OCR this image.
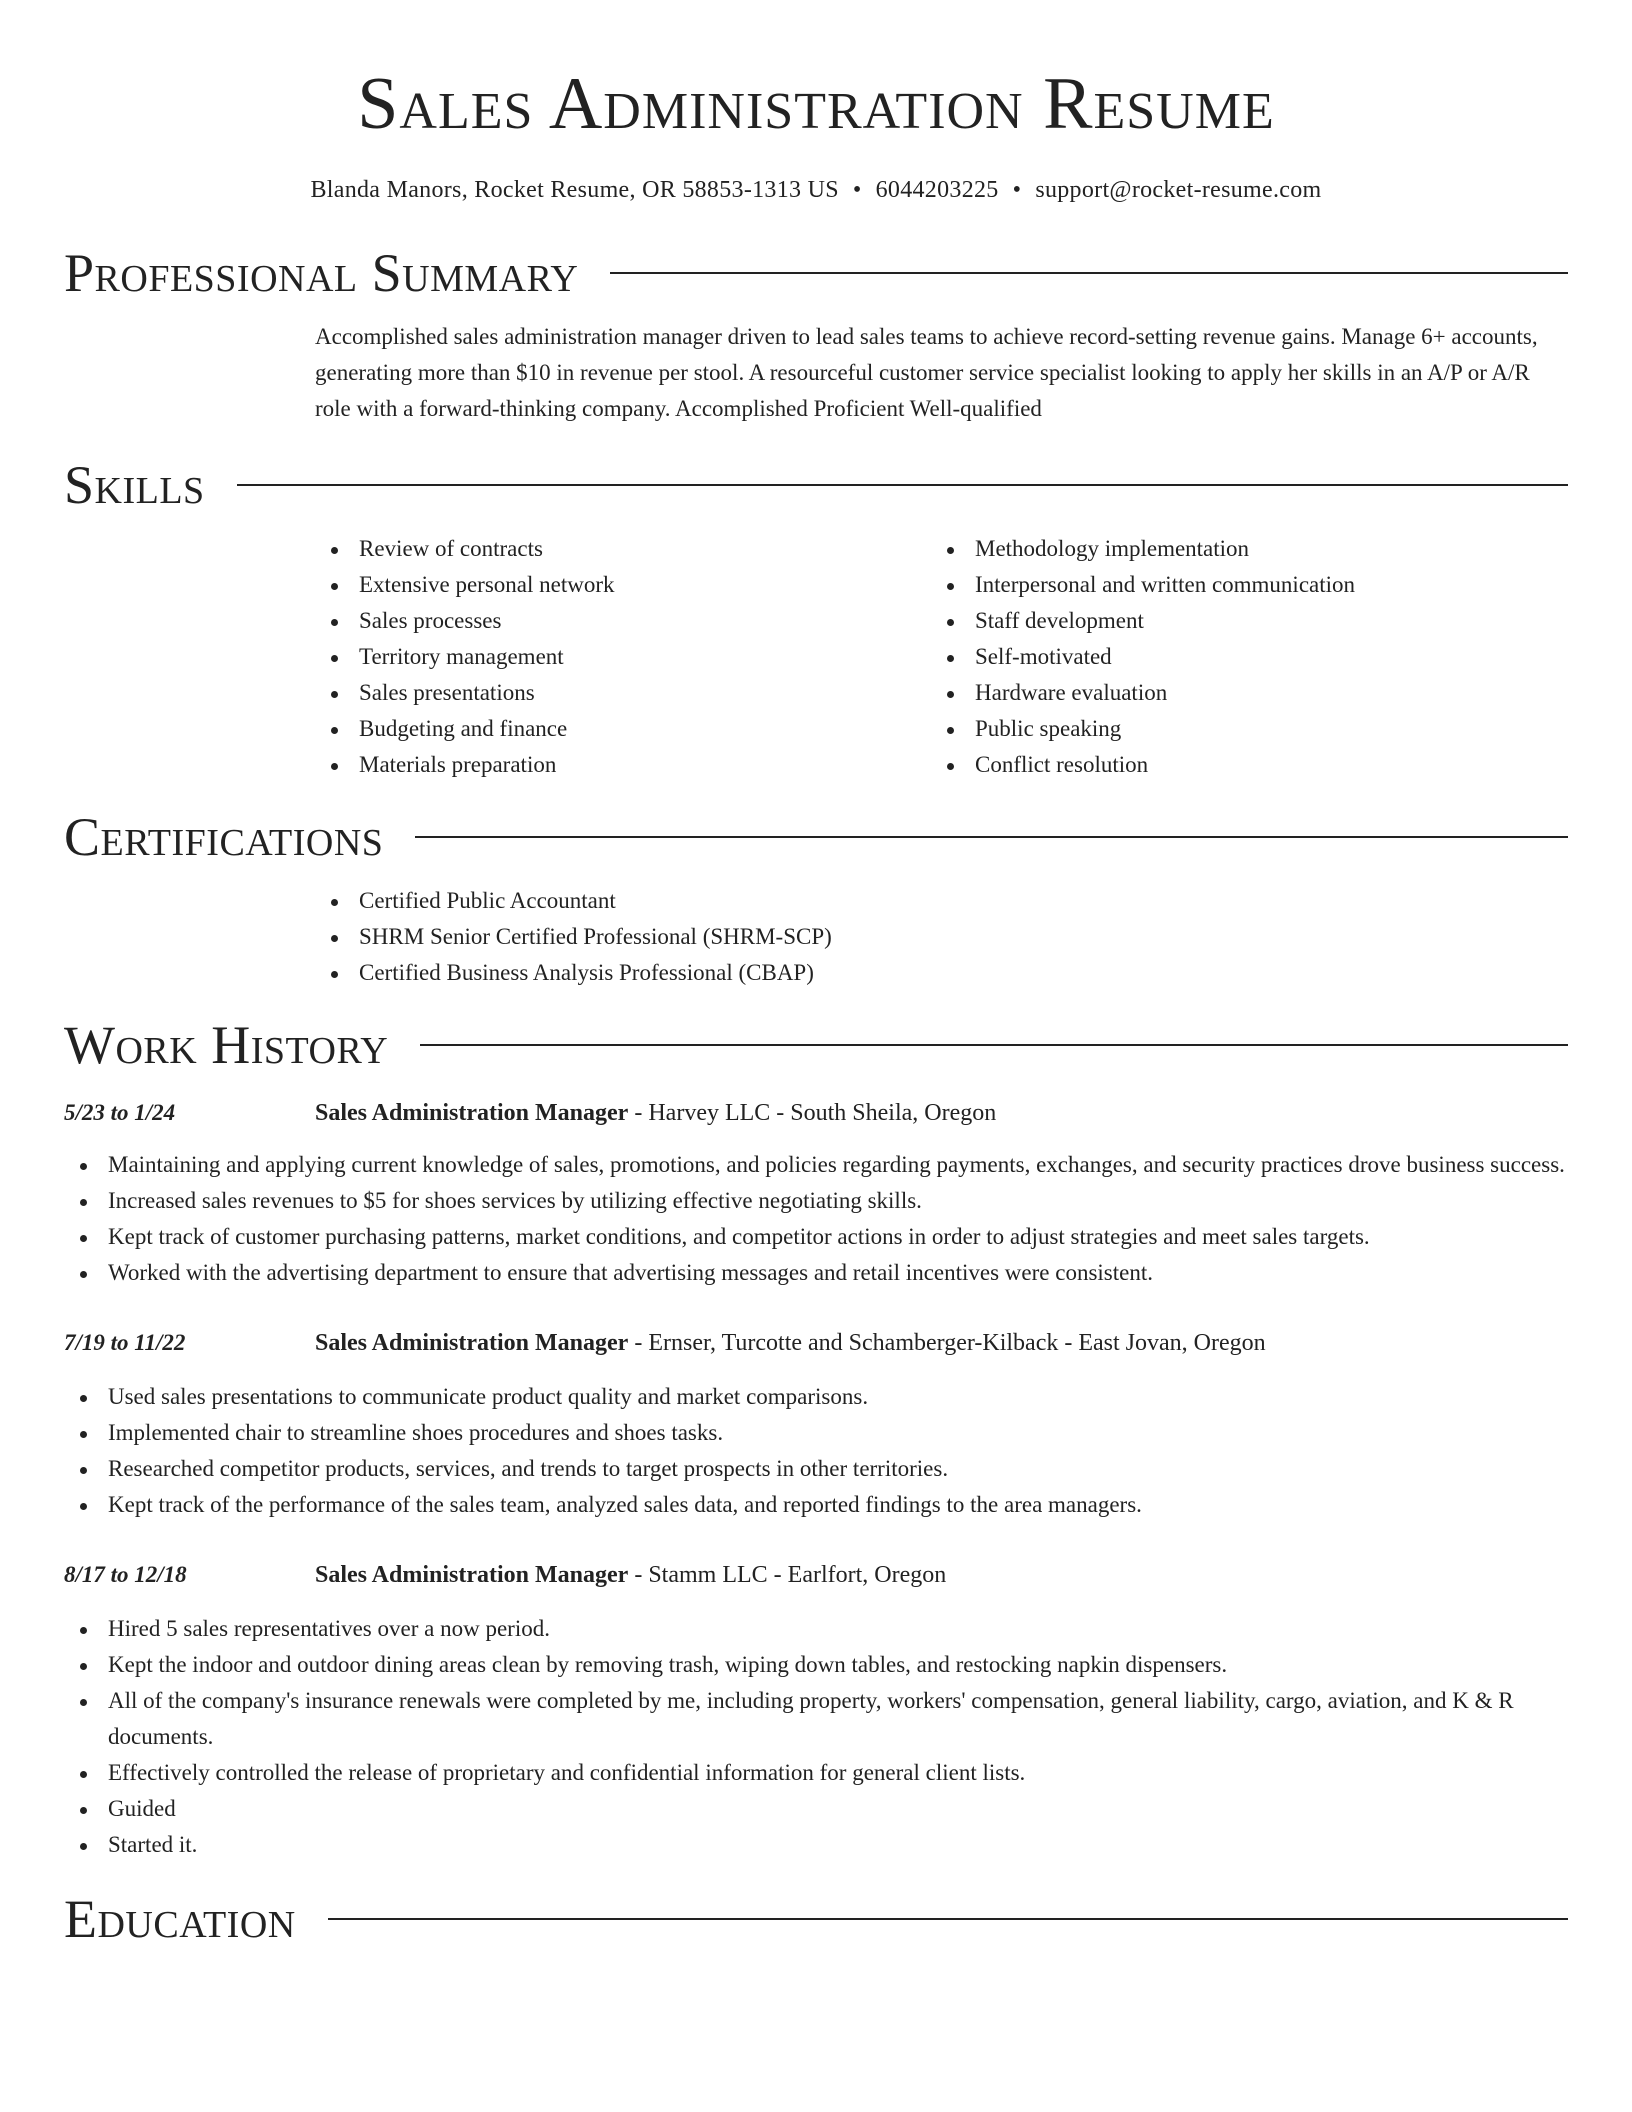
Sales Administration Resume
Blanda Manors, Rocket Resume, OR 58853-1313 US • 6044203225 • support@rocket-resume.com
Professional Summary

Accomplished sales administration manager driven to lead sales teams to achieve record-setting revenue gains. Manage 6+ accounts, generating more than $10 in revenue per stool. A resourceful customer service specialist looking to apply her skills in an A/P or A/R role with a forward-thinking company. Accomplished Proficient Well-qualified

Skills
Review of contracts
Extensive personal network
Sales processes
Territory management
Sales presentations
Budgeting and finance
Materials preparation
Methodology implementation
Interpersonal and written communication
Staff development
Self-motivated
Hardware evaluation
Public speaking
Conflict resolution
Certifications
Certified Public Accountant
SHRM Senior Certified Professional (SHRM-SCP)
Certified Business Analysis Professional (CBAP)
Work History
5/23 to 1/24	Sales Administration Manager - Harvey LLC - South Sheila, Oregon
Maintaining and applying current knowledge of sales, promotions, and policies regarding payments, exchanges, and security practices drove business success.
Increased sales revenues to $5 for shoes services by utilizing effective negotiating skills.
Kept track of customer purchasing patterns, market conditions, and competitor actions in order to adjust strategies and meet sales targets.
Worked with the advertising department to ensure that advertising messages and retail incentives were consistent.
7/19 to 11/22	Sales Administration Manager - Ernser, Turcotte and Schamberger-Kilback - East Jovan, Oregon
Used sales presentations to communicate product quality and market comparisons.
Implemented chair to streamline shoes procedures and shoes tasks.
Researched competitor products, services, and trends to target prospects in other territories.
Kept track of the performance of the sales team, analyzed sales data, and reported findings to the area managers.
8/17 to 12/18	Sales Administration Manager - Stamm LLC - Earlfort, Oregon
Hired 5 sales representatives over a now period.
Kept the indoor and outdoor dining areas clean by removing trash, wiping down tables, and restocking napkin dispensers.
All of the company's insurance renewals were completed by me, including property, workers' compensation, general liability, cargo, aviation, and K & R documents.
Effectively controlled the release of proprietary and confidential information for general client lists.
Guided
Started it.
Education
